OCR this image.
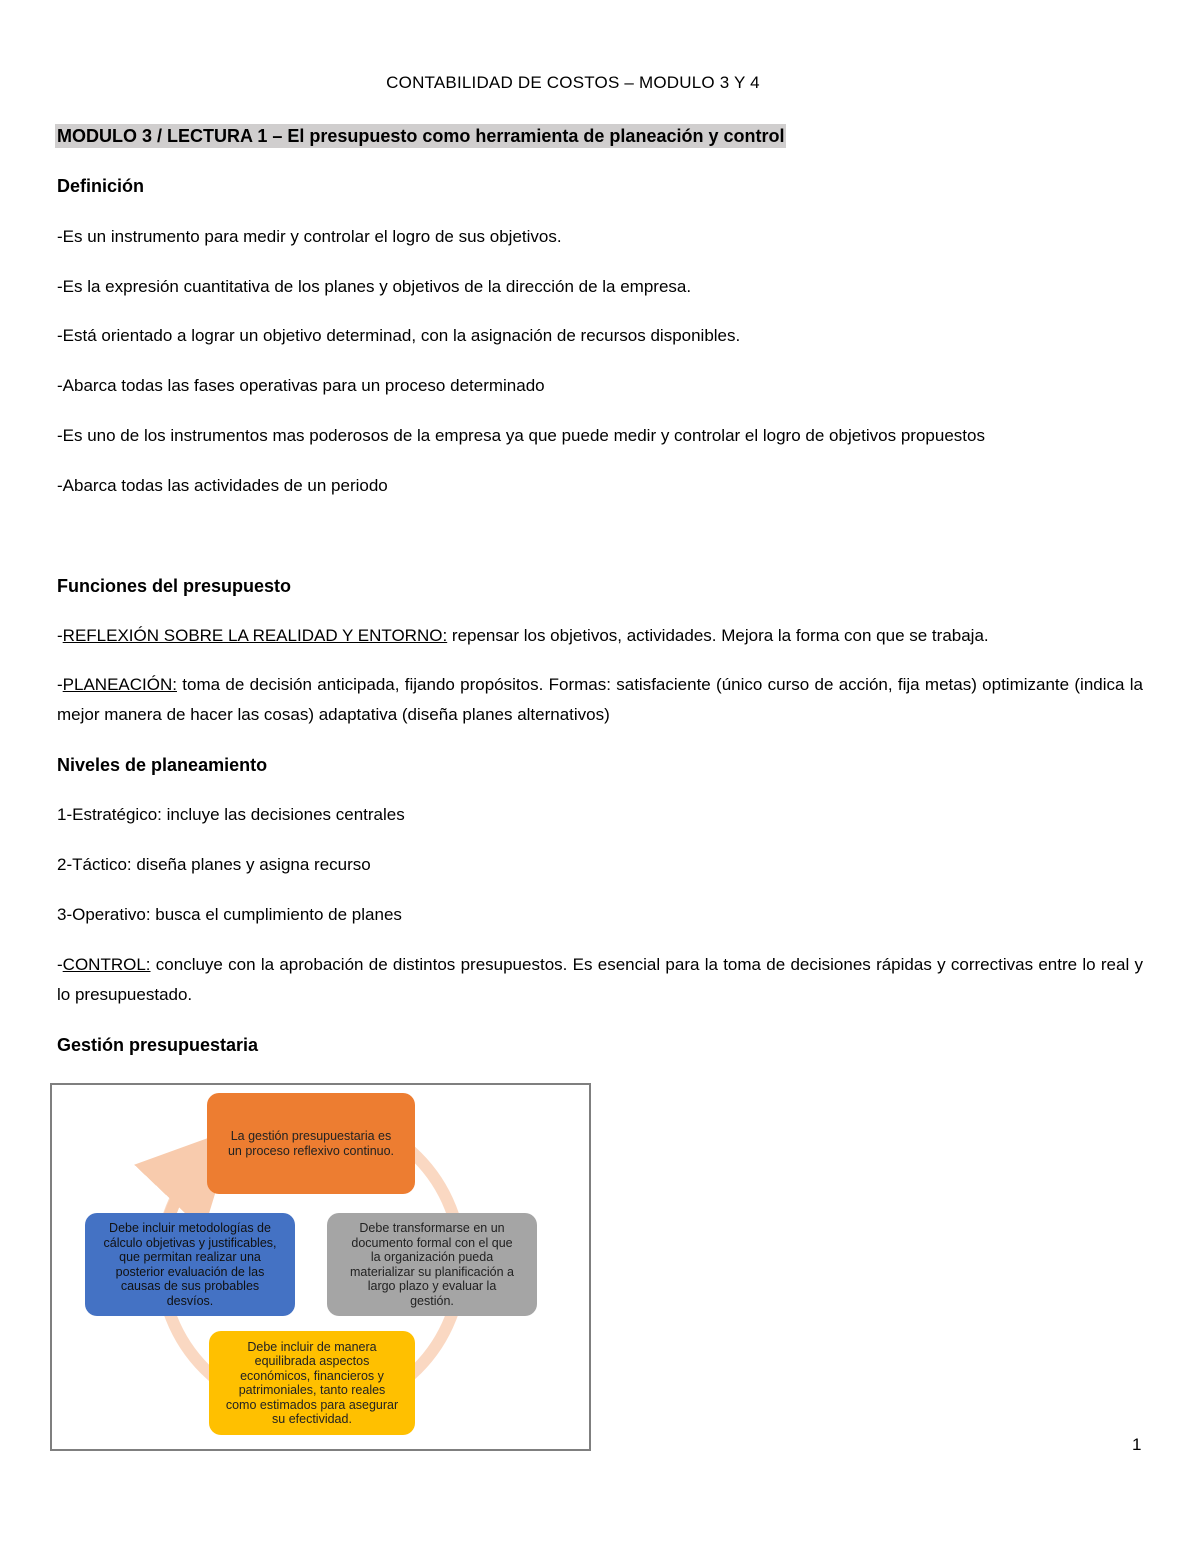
CONTABILIDAD DE COSTOS – MODULO 3 Y 4
MODULO 3 / LECTURA 1 – El presupuesto como herramienta de planeación y control
Definición
-Es un instrumento para medir y controlar el logro de sus objetivos.
-Es la expresión cuantitativa de los planes y objetivos de la dirección de la empresa.
-Está orientado a lograr un objetivo determinad, con la asignación de recursos disponibles.
-Abarca todas las fases operativas para un proceso determinado
-Es uno de los instrumentos mas poderosos de la empresa ya que puede medir y controlar el logro de objetivos propuestos
-Abarca todas las actividades de un periodo
Funciones del presupuesto
-REFLEXIÓN SOBRE LA REALIDAD Y ENTORNO: repensar los objetivos, actividades. Mejora la forma con que se trabaja.
-PLANEACIÓN: toma de decisión anticipada, fijando propósitos. Formas: satisfaciente (único curso de acción, fija metas) optimizante (indica la mejor manera de hacer las cosas) adaptativa (diseña planes alternativos)
Niveles de planeamiento
1-Estratégico: incluye las decisiones centrales
2-Táctico: diseña planes y asigna recurso
3-Operativo: busca el cumplimiento de planes
-CONTROL: concluye con la aprobación de distintos presupuestos. Es esencial para la toma de decisiones rápidas y correctivas entre lo real y lo presupuestado.
Gestión presupuestaria
La gestión presupuestaria es
un proceso reflexivo continuo.
Debe transformarse en un
documento formal con el que
la organización pueda
materializar su planificación a
largo plazo y evaluar la
gestión.
Debe incluir metodologías de
cálculo objetivas y justificables,
que permitan realizar una
posterior evaluación de las
causas de sus probables
desvíos.
Debe incluir de manera
equilibrada aspectos
económicos, financieros y
patrimoniales, tanto reales
como estimados para asegurar
su efectividad.
1
